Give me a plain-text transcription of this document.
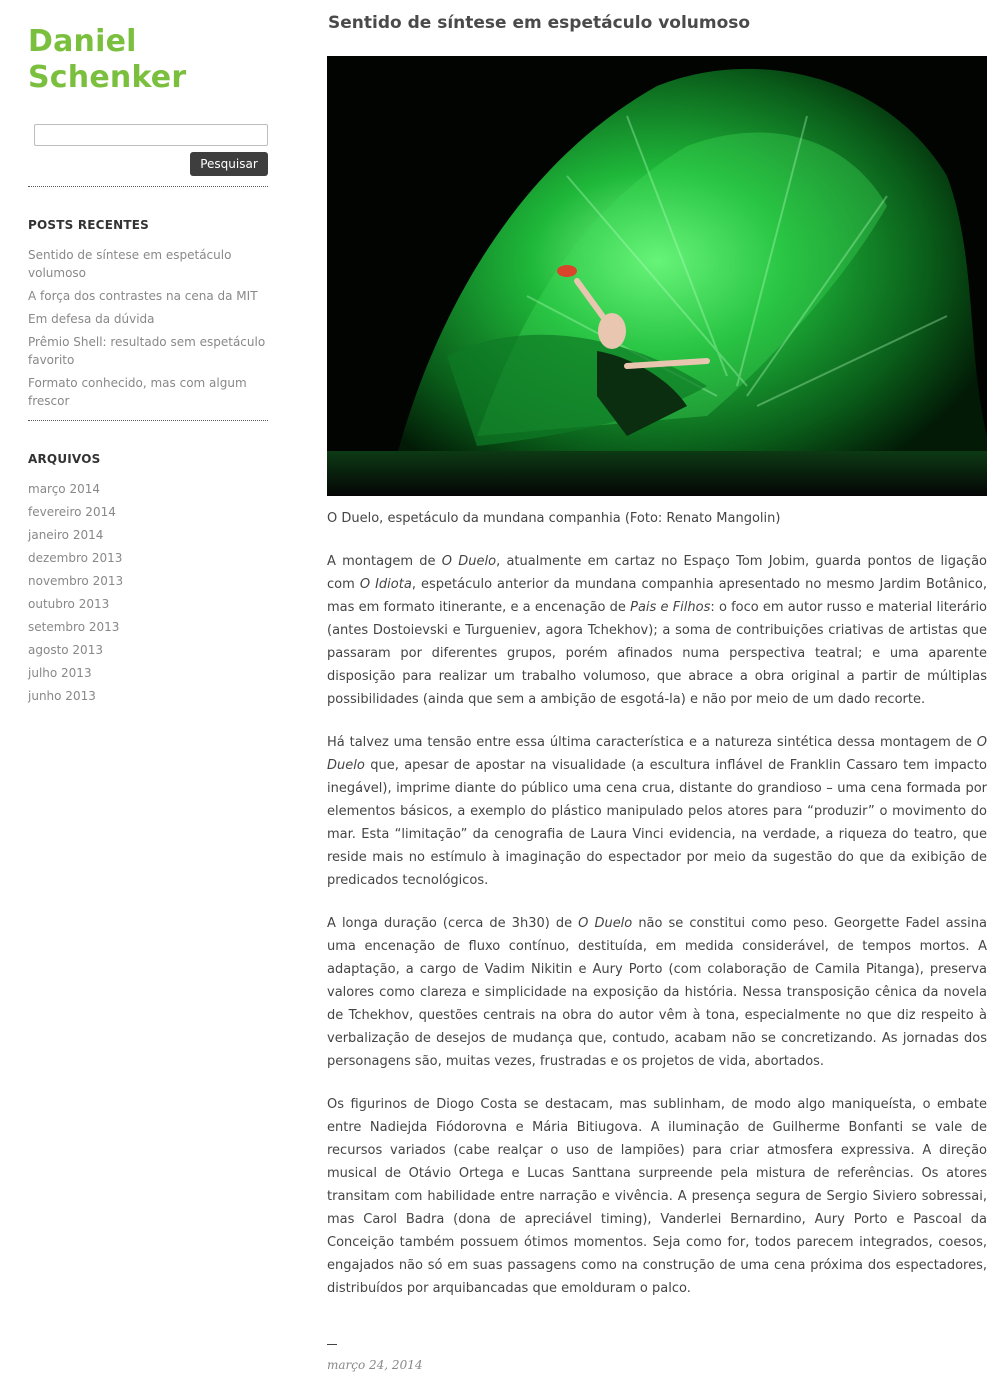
Daniel Schenker
Pesquisar
POSTS RECENTES
Sentido de síntese em espetáculo volumoso
A força dos contrastes na cena da MIT
Em defesa da dúvida
Prêmio Shell: resultado sem espetáculo favorito
Formato conhecido, mas com algum frescor
ARQUIVOS
março 2014
fevereiro 2014
janeiro 2014
dezembro 2013
novembro 2013
outubro 2013
setembro 2013
agosto 2013
julho 2013
junho 2013
Sentido de síntese em espetáculo volumoso
O Duelo, espetáculo da mundana companhia (Foto: Renato Mangolin)

A montagem de O Duelo, atualmente em cartaz no Espaço Tom Jobim, guarda pontos de ligação com O Idiota, espetáculo anterior da mundana companhia apresentado no mesmo Jardim Botânico, mas em formato itinerante, e a encenação de Pais e Filhos: o foco em autor russo e material literário (antes Dostoievski e Turgueniev, agora Tchekhov); a soma de contribuições criativas de artistas que passaram por diferentes grupos, porém afinados numa perspectiva teatral; e uma aparente disposição para realizar um trabalho volumoso, que abrace a obra original a partir de múltiplas possibilidades (ainda que sem a ambição de esgotá-la) e não por meio de um dado recorte.

Há talvez uma tensão entre essa última característica e a natureza sintética dessa montagem de O Duelo que, apesar de apostar na visualidade (a escultura inflável de Franklin Cassaro tem impacto inegável), imprime diante do público uma cena crua, distante do grandioso – uma cena formada por elementos básicos, a exemplo do plástico manipulado pelos atores para “produzir” o movimento do mar. Esta “limitação” da cenografia de Laura Vinci evidencia, na verdade, a riqueza do teatro, que reside mais no estímulo à imaginação do espectador por meio da sugestão do que da exibição de predicados tecnológicos.

A longa duração (cerca de 3h30) de O Duelo não se constitui como peso. Georgette Fadel assina uma encenação de fluxo contínuo, destituída, em medida considerável, de tempos mortos. A adaptação, a cargo de Vadim Nikitin e Aury Porto (com colaboração de Camila Pitanga), preserva valores como clareza e simplicidade na exposição da história. Nessa transposição cênica da novela de Tchekhov, questões centrais na obra do autor vêm à tona, especialmente no que diz respeito à verbalização de desejos de mudança que, contudo, acabam não se concretizando. As jornadas dos personagens são, muitas vezes, frustradas e os projetos de vida, abortados.

Os figurinos de Diogo Costa se destacam, mas sublinham, de modo algo maniqueísta, o embate entre Nadiejda Fiódorovna e Mária Bitiugova. A iluminação de Guilherme Bonfanti se vale de recursos variados (cabe realçar o uso de lampiões) para criar atmosfera expressiva. A direção musical de Otávio Ortega e Lucas Santtana surpreende pela mistura de referências. Os atores transitam com habilidade entre narração e vivência. A presença segura de Sergio Siviero sobressai, mas Carol Badra (dona de apreciável timing), Vanderlei Bernardino, Aury Porto e Pascoal da Conceição também possuem ótimos momentos. Seja como for, todos parecem integrados, coesos, engajados não só em suas passagens como na construção de uma cena próxima dos espectadores, distribuídos por arquibancadas que emolduram o palco.

março 24, 2014
